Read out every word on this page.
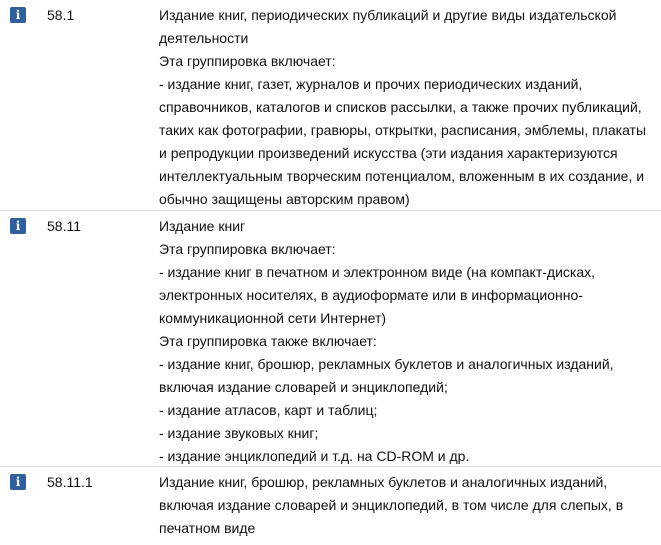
i	58.1	Издание книг, периодических публикаций и другие виды издательской
деятельности
Эта группировка включает:
- издание книг, газет, журналов и прочих периодических изданий,
справочников, каталогов и списков рассылки, а также прочих публикаций,
таких как фотографии, гравюры, открытки, расписания, эмблемы, плакаты
и репродукции произведений искусства (эти издания характеризуются
интеллектуальным творческим потенциалом, вложенным в их создание, и
обычно защищены авторским правом)
i	58.11	Издание книг
Эта группировка включает:
- издание книг в печатном и электронном виде (на компакт-дисках,
электронных носителях, в аудиоформате или в информационно-
коммуникационной сети Интернет)
Эта группировка также включает:
- издание книг, брошюр, рекламных буклетов и аналогичных изданий,
включая издание словарей и энциклопедий;
- издание атласов, карт и таблиц;
- издание звуковых книг;
- издание энциклопедий и т.д. на CD-ROM и др.
i	58.11.1	Издание книг, брошюр, рекламных буклетов и аналогичных изданий,
включая издание словарей и энциклопедий, в том числе для слепых, в
печатном виде
